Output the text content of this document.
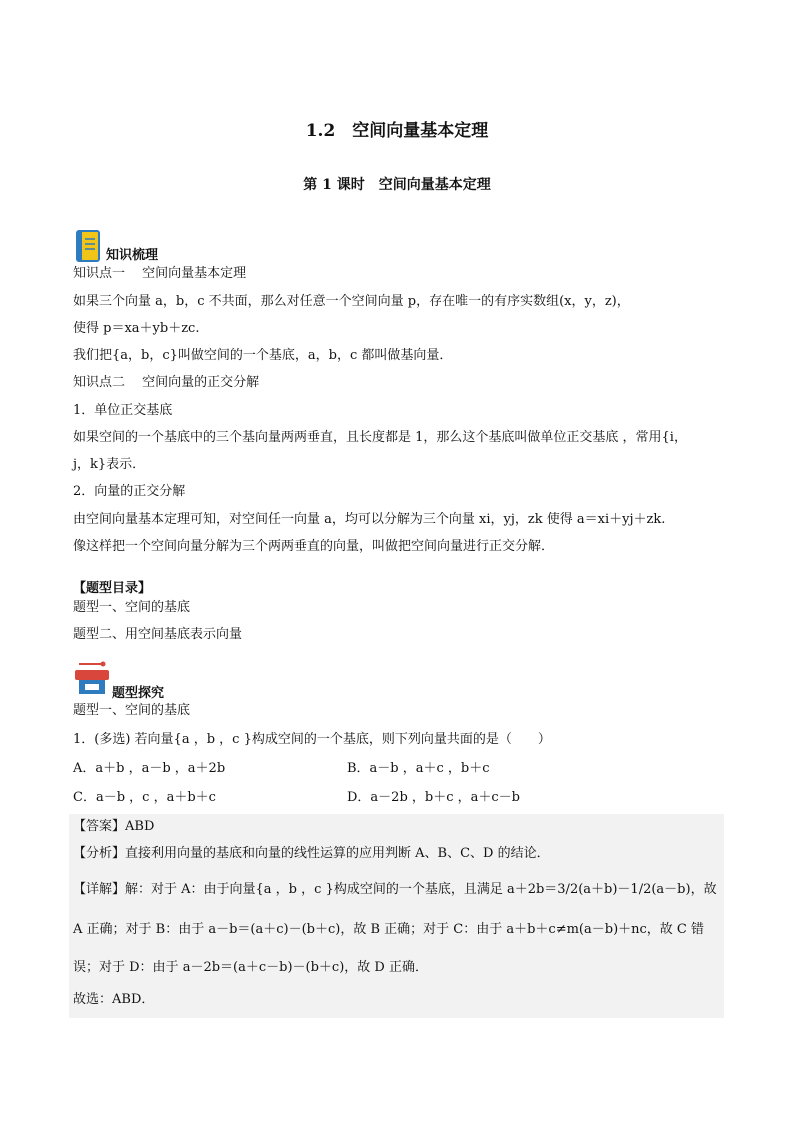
1.2　空间向量基本定理
第 1 课时　空间向量基本定理
知识梳理
知识点一　 空间向量基本定理
如果三个向量 a，b，c 不共面，那么对任意一个空间向量 p，存在唯一的有序实数组(x，y，z)，
使得 p＝xa＋yb＋zc.
我们把{a，b，c}叫做空间的一个基底，a，b，c 都叫做基向量．
知识点二　 空间向量的正交分解
1．单位正交基底
如果空间的一个基底中的三个基向量两两垂直，且长度都是 1，那么这个基底叫做单位正交基底 ，常用{i，
j，k}表示．
2．向量的正交分解
由空间向量基本定理可知，对空间任一向量 a，均可以分解为三个向量 xi，yj，zk 使得 a＝xi＋yj＋zk.
像这样把一个空间向量分解为三个两两垂直的向量，叫做把空间向量进行正交分解．
【题型目录】
题型一、空间的基底
题型二、用空间基底表示向量
题型探究
题型一、空间的基底
1．(多选) 若向量{a ，b ，c }构成空间的一个基底，则下列向量共面的是（　　）
A．a＋b ，a－b ，a＋2b	B．a－b ，a＋c ，b＋c
C．a－b ，c ，a＋b＋c	D．a－2b ，b＋c ，a＋c－b
【答案】ABD
【分析】直接利用向量的基底和向量的线性运算的应用判断 A、B、C、D 的结论．
【详解】解：对于 A：由于向量{a ，b ，c }构成空间的一个基底，且满足 a＋2b＝3/2(a＋b)－1/2(a－b)，故
A 正确；对于 B：由于 a－b＝(a＋c)－(b＋c)，故 B 正确；对于 C：由于 a＋b＋c≠m(a－b)＋nc，故 C 错
误；对于 D：由于 a－2b＝(a＋c－b)－(b＋c)，故 D 正确．
故选：ABD．
